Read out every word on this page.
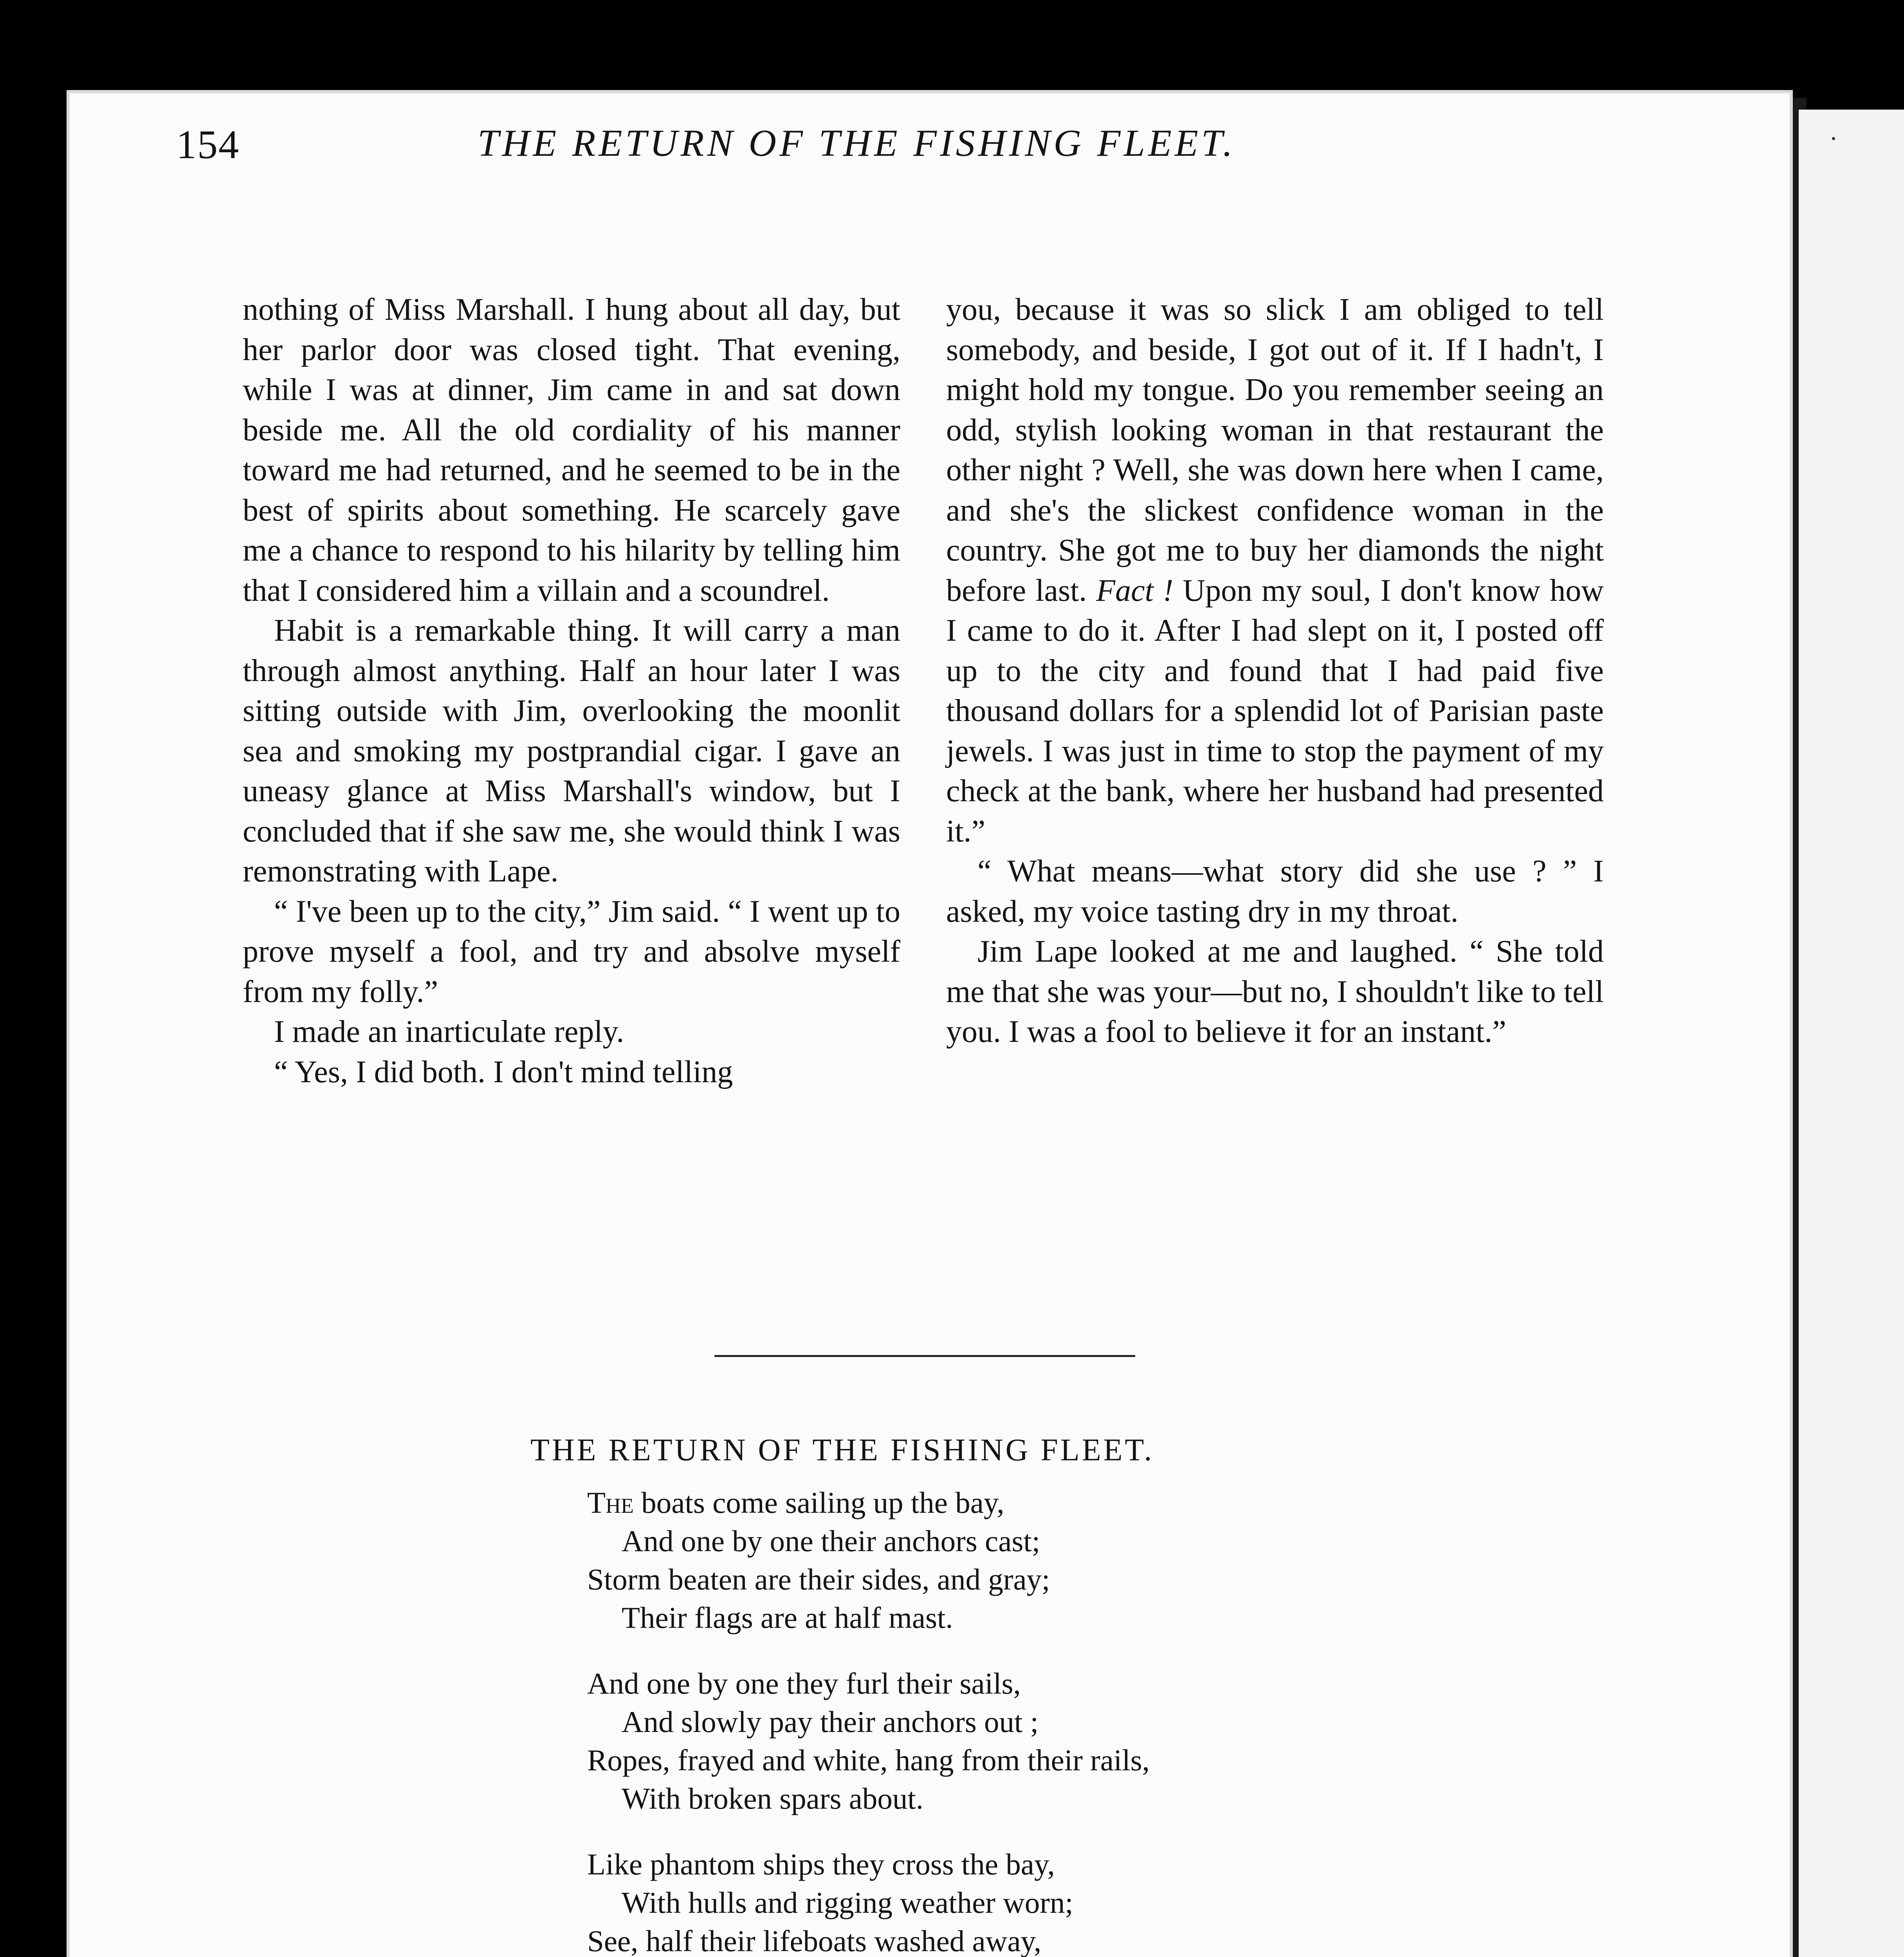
154	THE RETURN OF THE FISHING FLEET.

nothing of Miss Marshall. I hung about all day, but her parlor door was closed tight. That evening, while I was at dinner, Jim came in and sat down beside me. All the old cordiality of his manner toward me had returned, and he seemed to be in the best of spirits about something. He scarcely gave me a chance to respond to his hilarity by telling him that I considered him a villain and a scoundrel.

Habit is a remarkable thing. It will carry a man through almost anything. Half an hour later I was sitting outside with Jim, overlooking the moonlit sea and smoking my postprandial cigar. I gave an uneasy glance at Miss Marshall's window, but I concluded that if she saw me, she would think I was remonstrating with Lape.

“ I've been up to the city,” Jim said. “ I went up to prove myself a fool, and try and absolve myself from my folly.”

I made an inarticulate reply.

“ Yes, I did both. I don't mind telling

you, because it was so slick I am obliged to tell somebody, and beside, I got out of it. If I hadn't, I might hold my tongue. Do you remember seeing an odd, stylish looking woman in that restaurant the other night ? Well, she was down here when I came, and she's the slickest confidence woman in the country. She got me to buy her diamonds the night before last. Fact ! Upon my soul, I don't know how I came to do it. After I had slept on it, I posted off up to the city and found that I had paid five thousand dollars for a splendid lot of Parisian paste jewels. I was just in time to stop the payment of my check at the bank, where her husband had presented it.”

“ What means—what story did she use ? ” I asked, my voice tasting dry in my throat.

Jim Lape looked at me and laughed. “ She told me that she was your—but no, I shouldn't like to tell you. I was a fool to believe it for an instant.”

THE RETURN OF THE FISHING FLEET.
The boats come sailing up the bay,
And one by one their anchors cast;
Storm beaten are their sides, and gray;
Their flags are at half mast.
And one by one they furl their sails,
And slowly pay their anchors out ;
Ropes, frayed and white, hang from their rails,
With broken spars about.
Like phantom ships they cross the bay,
With hulls and rigging weather worn;
See, half their lifeboats washed away,
